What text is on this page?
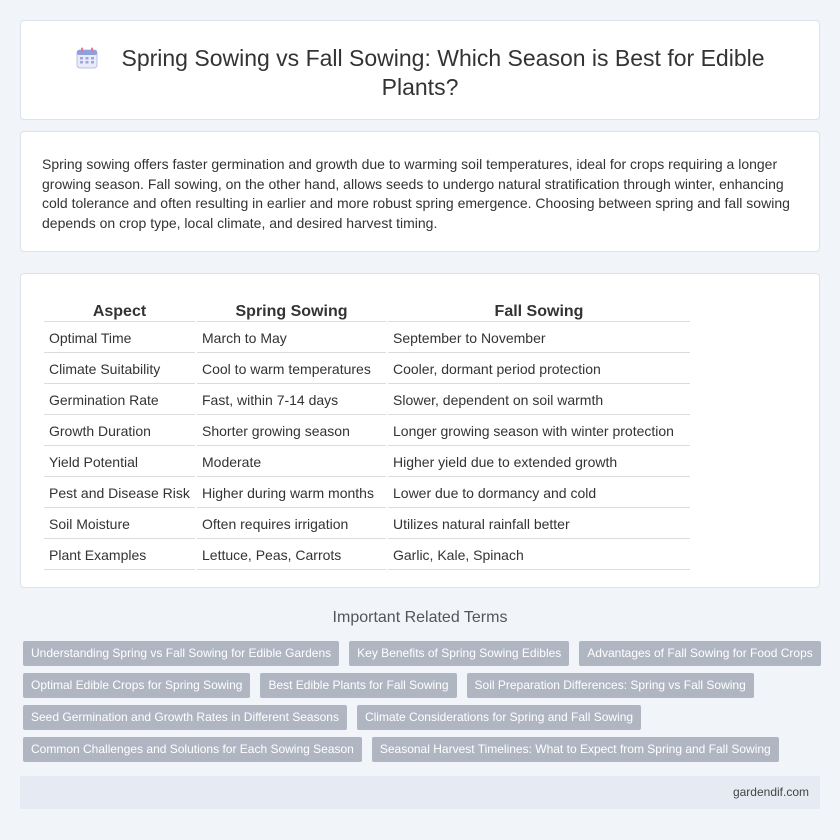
Spring Sowing vs Fall Sowing: Which Season is Best for Edible Plants?

Spring sowing offers faster germination and growth due to warming soil temperatures, ideal for crops requiring a longer growing season. Fall sowing, on the other hand, allows seeds to undergo natural stratification through winter, enhancing cold tolerance and often resulting in earlier and more robust spring emergence. Choosing between spring and fall sowing depends on crop type, local climate, and desired harvest timing.

Aspect	Spring Sowing	Fall Sowing
Optimal Time	March to May	September to November
Climate Suitability	Cool to warm temperatures	Cooler, dormant period protection
Germination Rate	Fast, within 7-14 days	Slower, dependent on soil warmth
Growth Duration	Shorter growing season	Longer growing season with winter protection
Yield Potential	Moderate	Higher yield due to extended growth
Pest and Disease Risk	Higher during warm months	Lower due to dormancy and cold
Soil Moisture	Often requires irrigation	Utilizes natural rainfall better
Plant Examples	Lettuce, Peas, Carrots	Garlic, Kale, Spinach
Important Related Terms
Understanding Spring vs Fall Sowing for Edible Gardens Key Benefits of Spring Sowing Edibles Advantages of Fall Sowing for Food Crops
Optimal Edible Crops for Spring Sowing Best Edible Plants for Fall Sowing Soil Preparation Differences: Spring vs Fall Sowing
Seed Germination and Growth Rates in Different Seasons Climate Considerations for Spring and Fall Sowing
Common Challenges and Solutions for Each Sowing Season Seasonal Harvest Timelines: What to Expect from Spring and Fall Sowing
gardendif.com
